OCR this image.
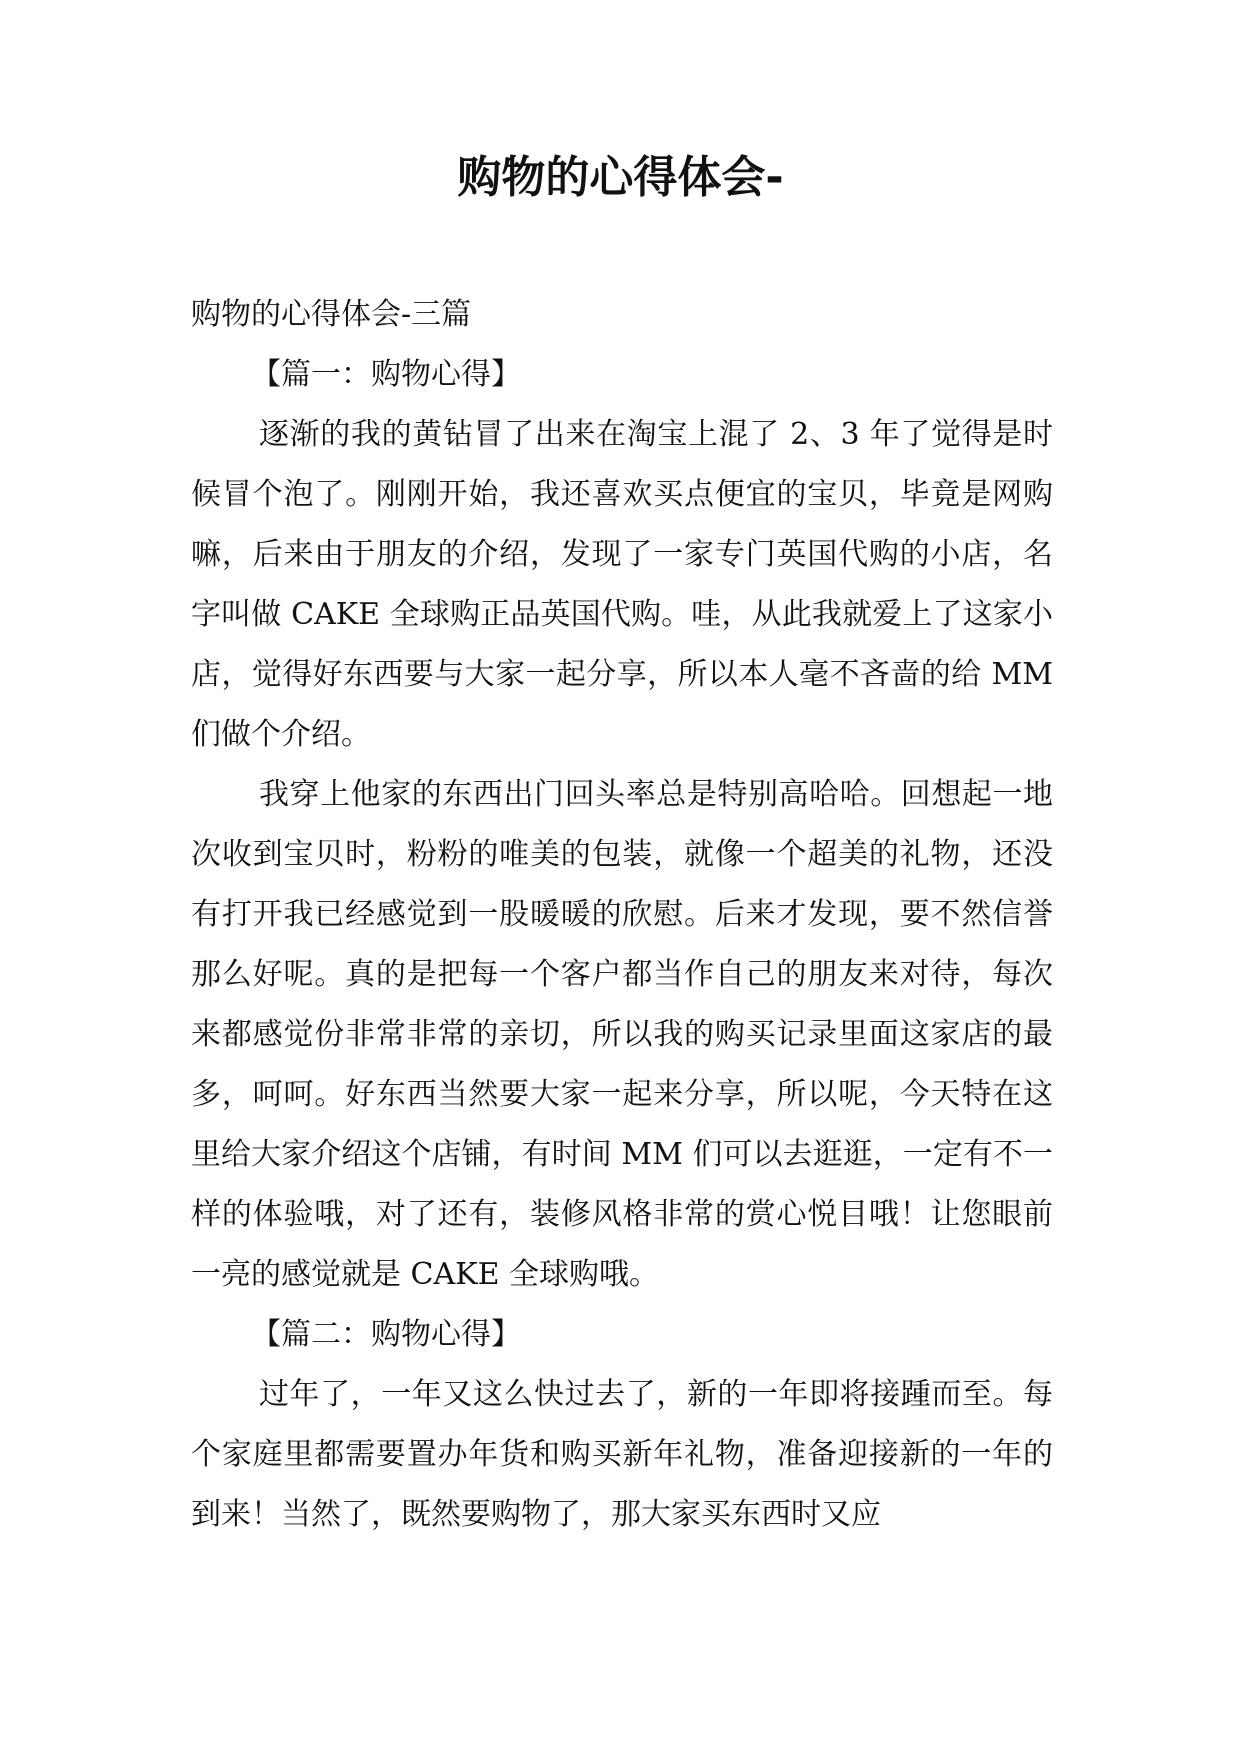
购物的心得体会-

购物的心得体会-三篇

【篇一：购物心得】

逐渐的我的黄钻冒了出来在淘宝上混了 2、3 年了觉得是时候冒个泡了。刚刚开始，我还喜欢买点便宜的宝贝，毕竟是网购嘛，后来由于朋友的介绍，发现了一家专门英国代购的小店，名字叫做 CAKE 全球购正品英国代购。哇，从此我就爱上了这家小店，觉得好东西要与大家一起分享，所以本人毫不吝啬的给 MM 们做个介绍。

我穿上他家的东西出门回头率总是特别高哈哈。回想起一地次收到宝贝时，粉粉的唯美的包装，就像一个超美的礼物，还没有打开我已经感觉到一股暖暖的欣慰。后来才发现，要不然信誉那么好呢。真的是把每一个客户都当作自己的朋友来对待，每次来都感觉份非常非常的亲切，所以我的购买记录里面这家店的最多，呵呵。好东西当然要大家一起来分享，所以呢，今天特在这里给大家介绍这个店铺，有时间 MM 们可以去逛逛，一定有不一样的体验哦，对了还有，装修风格非常的赏心悦目哦！让您眼前一亮的感觉就是 CAKE 全球购哦。

【篇二：购物心得】

过年了，一年又这么快过去了，新的一年即将接踵而至。每个家庭里都需要置办年货和购买新年礼物，准备迎接新的一年的到来！当然了，既然要购物了，那大家买东西时又应
